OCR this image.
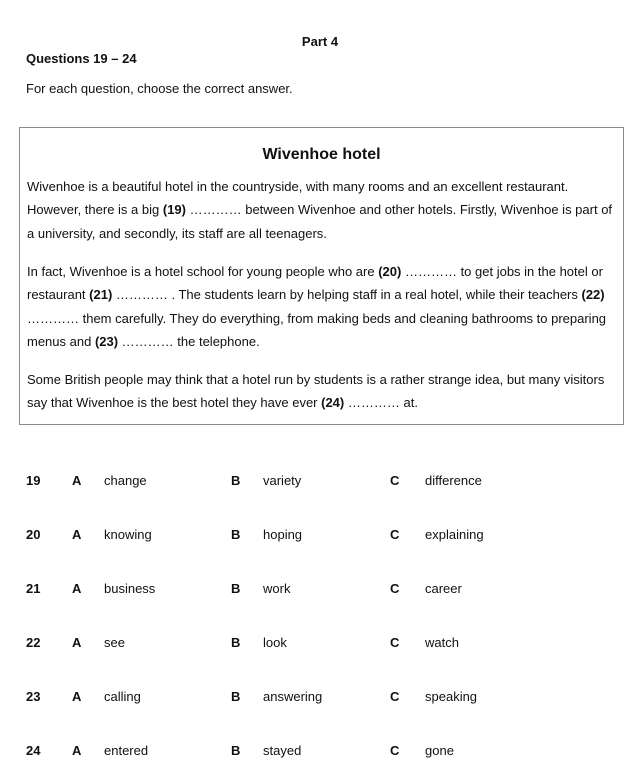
Part 4
Questions 19 – 24
For each question, choose the correct answer.
Wivenhoe hotel
Wivenhoe is a beautiful hotel in the countryside, with many rooms and an excellent restaurant. However, there is a big (19) ………… between Wivenhoe and other hotels. Firstly, Wivenhoe is part of a university, and secondly, its staff are all teenagers.
In fact, Wivenhoe is a hotel school for young people who are (20) ………… to get jobs in the hotel or restaurant (21) ………… . The students learn by helping staff in a real hotel, while their teachers (22) ………… them carefully. They do everything, from making beds and cleaning bathrooms to preparing menus and (23) ………… the telephone.
Some British people may think that a hotel run by students is a rather strange idea, but many visitors say that Wivenhoe is the best hotel they have ever (24) ………… at.
19 A change	B variety	C difference
20 A knowing	B hoping	C explaining
21 A business	B work	C career
22 A see	B look	C watch
23 A calling	B answering	C speaking
24 A entered	B stayed	C gone
